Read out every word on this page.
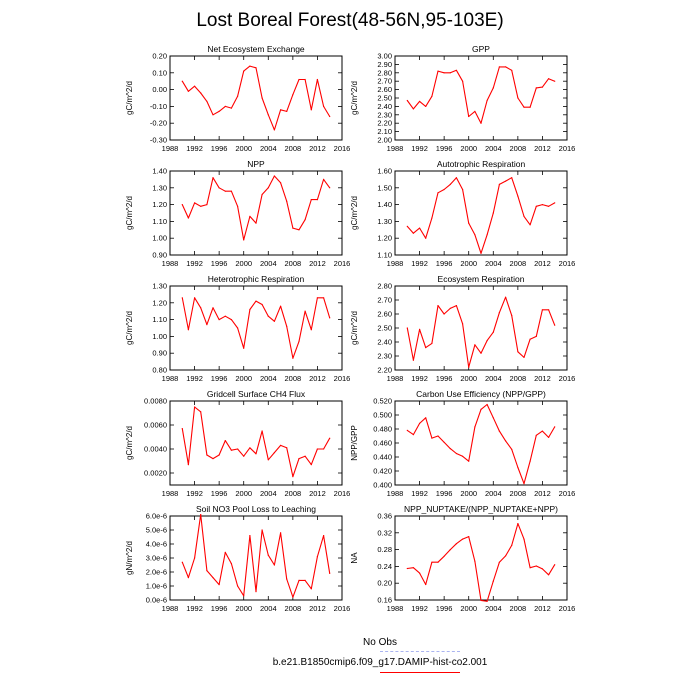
Lost Boreal Forest(48-56N,95-103E)
Net Ecosystem Exchange
1988 1992 1996 2000 2004 2008 2012 2016
-0.30
-0.20
-0.10
0.00
0.10
0.20
gC/m^2/d
GPP
1988 1992 1996 2000 2004 2008 2012 2016
2.00
2.10
2.20
2.30
2.40
2.50
2.60
2.70
2.80
2.90
3.00
gC/m^2/d
NPP
1988 1992 1996 2000 2004 2008 2012 2016
0.90
1.00
1.10
1.20
1.30
1.40
gC/m^2/d
Autotrophic Respiration
1988 1992 1996 2000 2004 2008 2012 2016
1.10
1.20
1.30
1.40
1.50
1.60
gC/m^2/d
Heterotrophic Respiration
1988 1992 1996 2000 2004 2008 2012 2016
0.80
0.90
1.00
1.10
1.20
1.30
gC/m^2/d
Ecosystem Respiration
1988 1992 1996 2000 2004 2008 2012 2016
2.20
2.30
2.40
2.50
2.60
2.70
2.80
gC/m^2/d
Gridcell Surface CH4 Flux
1988 1992 1996 2000 2004 2008 2012 2016
0.0020
0.0040
0.0060
0.0080
gC/m^2/d
Carbon Use Efficiency (NPP/GPP)
1988 1992 1996 2000 2004 2008 2012 2016
0.400
0.420
0.440
0.460
0.480
0.500
0.520
NPP/GPP
Soil NO3 Pool Loss to Leaching
1988 1992 1996 2000 2004 2008 2012 2016
0.0e-6
1.0e-6
2.0e-6
3.0e-6
4.0e-6
5.0e-6
6.0e-6
gN/m^2/d
NPP_NUPTAKE/(NPP_NUPTAKE+NPP)
1988 1992 1996 2000 2004 2008 2012 2016
0.16
0.20
0.24
0.28
0.32
0.36
NA
No Obs
b.e21.B1850cmip6.f09_g17.DAMIP-hist-co2.001
